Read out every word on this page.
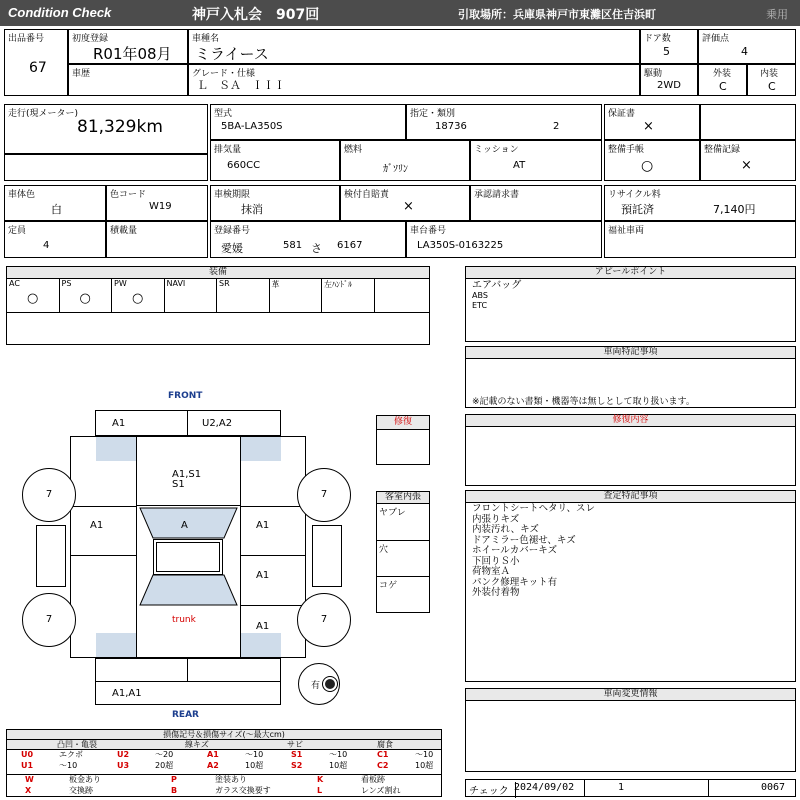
Condition Check	神戸入札会　907回	引取場所：兵庫県神戸市東灘区住吉浜町	乗用
出品番号
67
初度登録
R01年08月
車歴
車種名
ミライース
グレード・仕様
Ｌ　ＳＡ　ＩＩＩ
ドア数
5
評価点
4
駆動
2WD
外装
C
内装
C
走行(現メーター)
81,329km
型式
5BA-LA350S
指定・類別
18736	2
排気量
660CC
燃料
ｶﾞｿﾘﾝ
ミッション
AT
保証書
×
整備手帳
○
整備記録
×
車体色
白
色コード
W19
定員
4
積載量
車検期限
抹消
検付自賠責
×
承認請求書
登録番号
愛媛	581 さ 6167
車台番号
LA350S-0163225
リサイクル料
預託済	7,140円
福祉車両
装備
AC
○
PS
○
PW
○
NAVI	SR	革	左ﾊﾝﾄﾞﾙ
FRONT
REAR
A1	U2,A2
A1,S1
S1
A
trunk
A1	A1
A1
A1
A1,A1
7	7
7	7
有
修復
客室内張
ヤブレ
穴
コゲ
アピールポイント
エアバッグ
ABS
ETC
車両特記事項
※記載のない書類・機器等は無しとして取り扱います。
修復内容
査定特記事項
フロントシートヘタリ、スレ
内張りキズ
内装汚れ、キズ
ドアミラー色褪せ、キズ
ホイールカバーキズ
下回りＳ小
荷物室Ａ
パンク修理キット有
外装付着物
車両変更情報
チェック 2024/09/02	1	0067
損傷記号＆損傷サイズ(〜最大cm)
凸凹・亀裂	線キズ	サビ	腐食
U0	エクボ	U2	〜20	A1	〜10	S1	〜10	C1	〜10
U1	〜10	U3	20超	A2	10超	S2	10超	C2	10超
W	板金あり	P	塗装あり	K	看板跡
X	交換跡	B	ガラス交換要す	L	レンズ割れ
